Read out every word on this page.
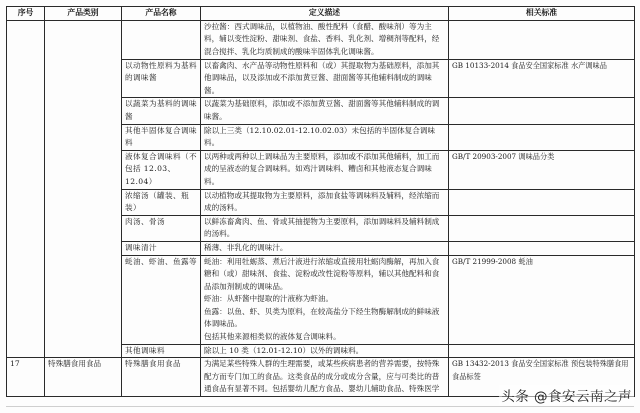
序号	产品类别	产品名称	定义描述	相关标准

			沙拉酱：西式调味品，以植物油、酸性配料（食醋、酸味剂）等为主料，辅以变性淀粉、甜味剂、食盐、香料、乳化剂、增稠剂等配料，经混合搅拌、乳化均质制成的酸味半固体乳化调味酱。	

		以动物性原料为基料的调味酱	以畜禽肉、水产品等动物性原料和（或）其提取物为基础原料，添加其他调味品，以及添加或不添加黄豆酱、甜面酱等其他辅料制成的调味酱。	GB 10133-2014 食品安全国家标准 水产调味品
		以蔬菜为基料的调味酱	以蔬菜为基础原料，添加或不添加黄豆酱、甜面酱等其他辅料制成的调味酱。	

		其他半固体复合调味料	除以上三类（12.10.02.01-12.10.02.03）未包括的半固体复合调味料。	

		液体复合调味料（不包括 12.03、12.04）	以两种或两种以上调味品为主要原料，添加或不添加其他辅料，加工而成的呈液态的复合调味料。如鸡汁调味料、糟卤和其他液态复合调味料。	GB/T 20903-2007 调味品分类
		浓缩汤（罐装、瓶装）	以动植物或其提取物为主要原料，添加食盐等调味料及辅料，经浓缩而成的汤料。	

		肉汤、骨汤	以鲜冻畜禽肉、鱼、骨或其抽提物为主要原料，添加调味料及辅料制成的汤料。	

		调味清汁	稀薄、非乳化的调味汁。	

		蚝油、虾油、鱼露等	蚝油：利用牡蛎蒸、煮后汁液进行浓缩或直接用牡蛎肉酶解，再加入食糖和（或）甜味剂、食盐、淀粉或改性淀粉等原料，辅以其他配料和食品添加剂制成的调味品。

虾油：从虾酱中提取的汁液称为虾油。

鱼露：以鱼、虾、贝类为原料，在较高盐分下经生物酶解制成的鲜味液体调味品。

包括其他来源相类似的液体复合调味料。	GB/T 21999-2008 蚝油
		其他调味料	除以上 10 类（12.01-12.10）以外的调味料。	

17	特殊膳食用食品	特殊膳食用食品	为满足某些特殊人群的生理需要，或某些疾病患者的营养需要，按特殊配方而专门加工的食品。这类食品的成分或成分含量，应与可类比的普通食品有显著不同。包括婴幼儿配方食品、婴幼儿辅助食品、特殊医学	GB 13432-2013 食品安全国家标准 预包装特殊膳食用食品标签
头条 @食安云南之声
